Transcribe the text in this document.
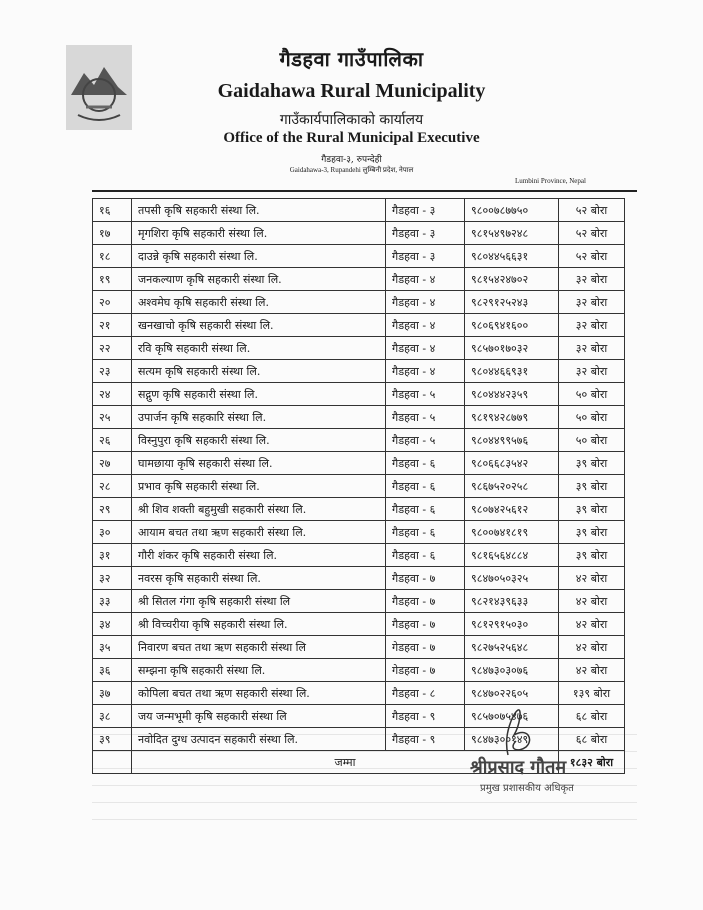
गैडहवा गाउँपालिका
Gaidahawa Rural Municipality
गाउँकार्यपालिकाको कार्यालय
Office of the Rural Municipal Executive
गैडहवा-३, रुपन्देही
Gaidahawa-3, Rupandehi लुम्बिनी प्रदेश, नेपाल
Lumbini Province, Nepal
१६	तपसी कृषि सहकारी संस्था लि.	गैडहवा - ३	९८००७८७७५०	५२ बोरा
१७	मृगशिरा कृषि सहकारी संस्था लि.	गैडहवा - ३	९८१५४९७२४८	५२ बोरा
१८	दाउन्ने कृषि सहकारी संस्था लि.	गैडहवा - ३	९८०४४५६६३१	५२ बोरा
१९	जनकल्याण कृषि सहकारी संस्था लि.	गैडहवा - ४	९८१५४२४७०२	३२ बोरा
२०	अश्वमेघ कृषि सहकारी संस्था लि.	गैडहवा - ४	९८२९१२५२४३	३२ बोरा
२१	खनखाचो कृषि सहकारी संस्था लि.	गैडहवा - ४	९८०६९४१६००	३२ बोरा
२२	रवि कृषि सहकारी संस्था लि.	गैडहवा - ४	९८५७०१७०३२	३२ बोरा
२३	सत्यम कृषि सहकारी संस्था लि.	गैडहवा - ४	९८०४४६६९३१	३२ बोरा
२४	सद्गुण कृषि सहकारी संस्था लि.	गैडहवा - ५	९८०४४४२३५९	५० बोरा
२५	उपार्जन कृषि सहकारि संस्था लि.	गैडहवा - ५	९८१९४२८७७९	५० बोरा
२६	विस्नुपुरा कृषि सहकारी संस्था लि.	गैडहवा - ५	९८०४४९९५७६	५० बोरा
२७	घामछाया कृषि सहकारी संस्था लि.	गैडहवा - ६	९८०६६८३५४२	३९ बोरा
२८	प्रभाव कृषि सहकारी संस्था लि.	गैडहवा - ६	९८६७५२०२५८	३९ बोरा
२९	श्री शिव शक्ती बहुमुखी सहकारी संस्था लि.	गैडहवा - ६	९८०७४२५६१२	३९ बोरा
३०	आयाम बचत तथा ऋण सहकारी संस्था लि.	गैडहवा - ६	९८००७४१८१९	३९ बोरा
३१	गौरी शंकर कृषि सहकारी संस्था लि.	गैडहवा - ६	९८१६५६४८८४	३९ बोरा
३२	नवरस कृषि सहकारी संस्था लि.	गैडहवा - ७	९८४७०५०३२५	४२ बोरा
३३	श्री सितल गंगा कृषि सहकारी संस्था लि	गैडहवा - ७	९८२१४३९६३३	४२ बोरा
३४	श्री विच्चरीया कृषि सहकारी संस्था लि.	गैडहवा - ७	९८१२९१५०३०	४२ बोरा
३५	निवारण बचत तथा ऋण सहकारी संस्था लि	गेडहवा - ७	९८२७५२५६४८	४२ बोरा
३६	सम्झना कृषि सहकारी संस्था लि.	गेडहवा - ७	९८४७३०३०७६	४२ बोरा
३७	कोपिला बचत तथा ऋण सहकारी संस्था लि.	गैडहवा - ८	९८४७०२२६०५	१३९ बोरा
३८	जय जन्मभूमी कृषि सहकारी संस्था लि	गैडहवा - ९	९८५७०७५४७६	६८ बोरा
३९	नवोदित दुग्ध उत्पादन सहकारी संस्था लि.	गैडहवा - ९	९८४७३००१४९	६८ बोरा
	जम्मा			१८३२ बोरा
श्रीप्रसाद गौतम
प्रमुख प्रशासकीय अधिकृत
